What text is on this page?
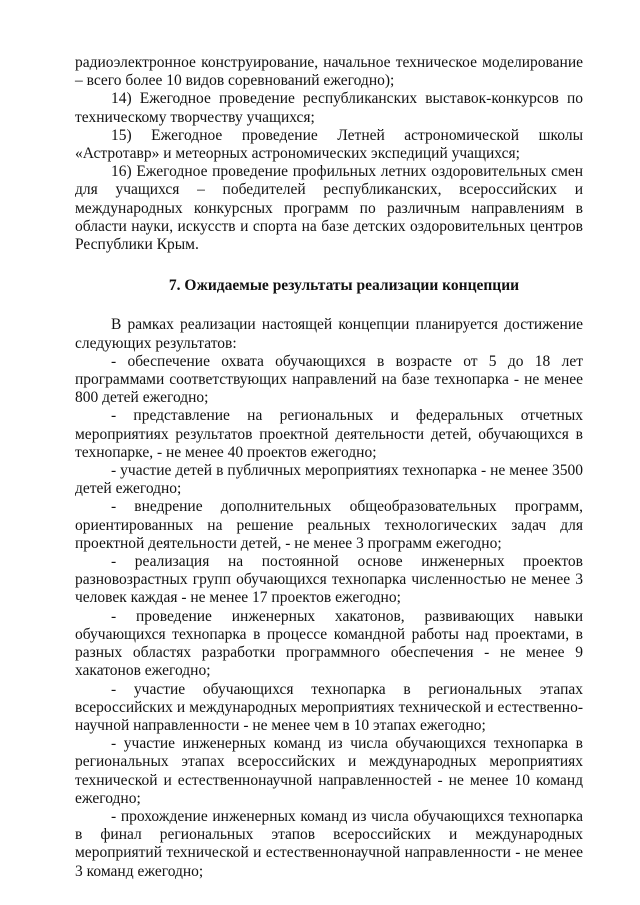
радиоэлектронное конструирование, начальное техническое моделирование – всего более 10 видов соревнований ежегодно);

14) Ежегодное проведение республиканских выставок-конкурсов по техническому творчеству учащихся;

15) Ежегодное проведение Летней астрономической школы «Астротавр» и метеорных астрономических экспедиций учащихся;

16) Ежегодное проведение профильных летних оздоровительных смен для учащихся – победителей республиканских, всероссийских и международных конкурсных программ по различным направлениям в области науки, искусств и спорта на базе детских оздоровительных центров Республики Крым.

7. Ожидаемые результаты реализации концепции

В рамках реализации настоящей концепции планируется достижение следующих результатов:

- обеспечение охвата обучающихся в возрасте от 5 до 18 лет программами соответствующих направлений на базе технопарка - не менее 800 детей ежегодно;

- представление на региональных и федеральных отчетных мероприятиях результатов проектной деятельности детей, обучающихся в технопарке, - не менее 40 проектов ежегодно;

- участие детей в публичных мероприятиях технопарка - не менее 3500 детей ежегодно;

- внедрение дополнительных общеобразовательных программ, ориентированных на решение реальных технологических задач для проектной деятельности детей, - не менее 3 программ ежегодно;

- реализация на постоянной основе инженерных проектов разновозрастных групп обучающихся технопарка численностью не менее 3 человек каждая - не менее 17 проектов ежегодно;

- проведение инженерных хакатонов, развивающих навыки обучающихся технопарка в процессе командной работы над проектами, в разных областях разработки программного обеспечения - не менее 9 хакатонов ежегодно;

- участие обучающихся технопарка в региональных этапах всероссийских и международных мероприятиях технической и естественно-научной направленности - не менее чем в 10 этапах ежегодно;

- участие инженерных команд из числа обучающихся технопарка в региональных этапах всероссийских и международных мероприятиях технической и естественнонаучной направленностей - не менее 10 команд ежегодно;

- прохождение инженерных команд из числа обучающихся технопарка в финал региональных этапов всероссийских и международных мероприятий технической и естественнонаучной направленности - не менее 3 команд ежегодно;
